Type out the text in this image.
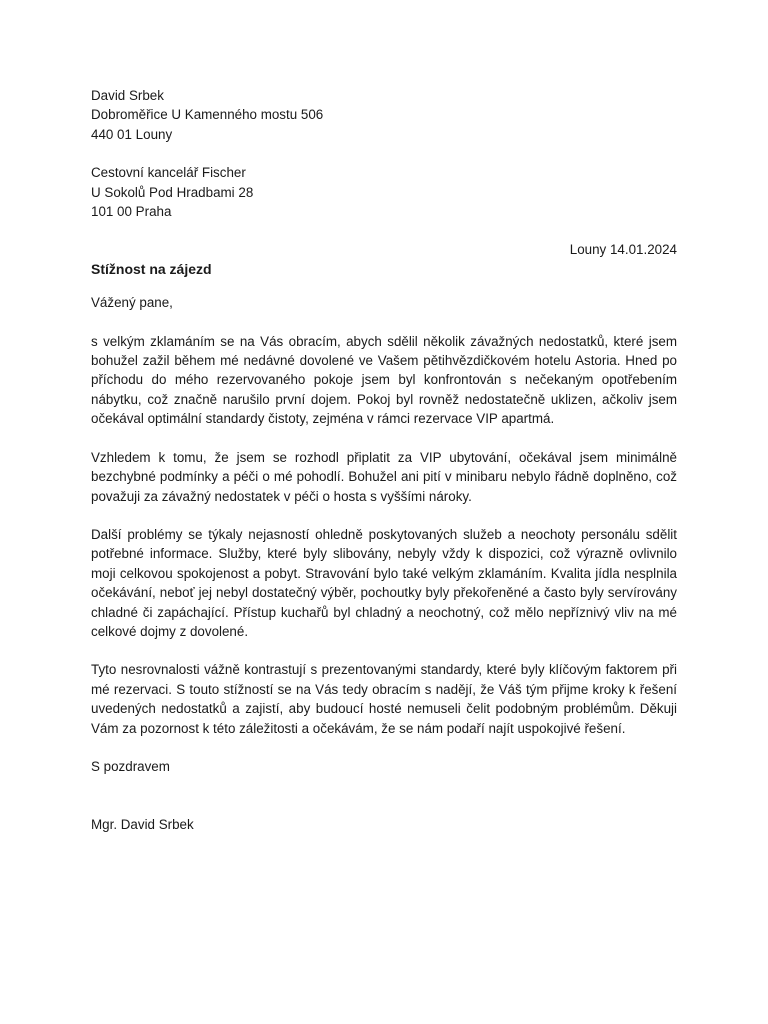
David Srbek
Dobroměřice U Kamenného mostu 506
440 01 Louny
Cestovní kancelář Fischer
U Sokolů Pod Hradbami 28
101 00 Praha
Louny 14.01.2024
Stížnost na zájezd
Vážený pane,

s velkým zklamáním se na Vás obracím, abych sdělil několik závažných nedostatků, které jsem bohužel zažil během mé nedávné dovolené ve Vašem pětihvězdičkovém hotelu Astoria. Hned po příchodu do mého rezervovaného pokoje jsem byl konfrontován s nečekaným opotřebením nábytku, což značně narušilo první dojem. Pokoj byl rovněž nedostatečně uklizen, ačkoliv jsem očekával optimální standardy čistoty, zejména v rámci rezervace VIP apartmá.

Vzhledem k tomu, že jsem se rozhodl připlatit za VIP ubytování, očekával jsem minimálně bezchybné podmínky a péči o mé pohodlí. Bohužel ani pití v minibaru nebylo řádně doplněno, což považuji za závažný nedostatek v péči o hosta s vyššími nároky.

Další problémy se týkaly nejasností ohledně poskytovaných služeb a neochoty personálu sdělit potřebné informace. Služby, které byly slibovány, nebyly vždy k dispozici, což výrazně ovlivnilo moji celkovou spokojenost a pobyt. Stravování bylo také velkým zklamáním. Kvalita jídla nesplnila očekávání, neboť jej nebyl dostatečný výběr, pochoutky byly překořeněné a často byly servírovány chladné či zapáchající. Přístup kuchařů byl chladný a neochotný, což mělo nepříznivý vliv na mé celkové dojmy z dovolené.

Tyto nesrovnalosti vážně kontrastují s prezentovanými standardy, které byly klíčovým faktorem při mé rezervaci. S touto stížností se na Vás tedy obracím s nadějí, že Váš tým přijme kroky k řešení uvedených nedostatků a zajistí, aby budoucí hosté nemuseli čelit podobným problémům. Děkuji Vám za pozornost k této záležitosti a očekávám, že se nám podaří najít uspokojivé řešení.

S pozdravem
Mgr. David Srbek
